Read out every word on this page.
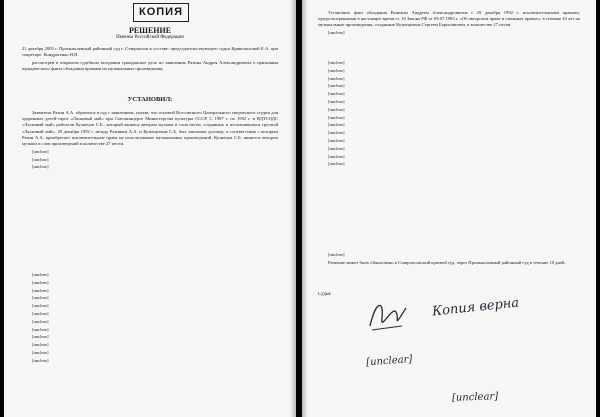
КОПИЯ
РЕШЕНИЕ
Именем Российской Федерации

21 декабря 2005 г. Промышленный районный суд г. Ставрополя в составе: председательствующего судьи Кривопаловой Е.А. при секретаре: Кондратенко Н.Н.

рассмотрев в открытом судебном заседании гражданское дело по заявлению Разина Андрея Александровича о признании юридического факта обладания правами на музыкальные произведения,

УСТАНОВИЛ:

Заявитель Разин А.А. обратился в суд с заявлением, указав, что основой Всесоюзного Центрального творческого студии для одаренных детей-сирот «Ласковый май» при Союзконцерте Министерства культуры СССР. С 1987 г. по 1992 г. в ВДТСОДС «Ласковый май» работали Кузнецов С.Б., который являлся автором музыки и слов песен, созданных и исполнявшихся группой «Ласковый май». 29 декабря 1992 г. между Разиным А.А. и Кузнецовым С.Б. был заключен договор, в соответствии с которым Разин А.А. приобретает исключительные права на использование музыкальных произведений. Кузнецов С.Б. является автором музыки и слов произведений в количестве 27 песен.

[unclear]

[unclear]

[unclear]

[unclear]

[unclear]

[unclear]

[unclear]

[unclear]

[unclear]

[unclear]

[unclear]

[unclear]

[unclear]

[unclear]

[unclear]

Установить факт обладания Разиным Андреем Александровичем с 29 декабря 1992 г. исключительными правами, предусмотренными в настоящее время ст. 16 Закона РФ от 09.07.1993 г. «Об авторском праве и смежных правах», в течение 10 лет на музыкальные произведения, созданные Кузнецовым Сергеем Борисовичем, в количестве 27 песен.

[unclear]

[unclear]

[unclear]

[unclear]

[unclear]

[unclear]

[unclear]

[unclear]

[unclear]

[unclear]

[unclear]

[unclear]

[unclear]

[unclear]

[unclear]

[unclear]

Решение может быть обжаловано в Ставропольский краевой суд, через Промышленный районный суд в течение 10 дней.

Судья

Копия верна
[unclear]
[unclear]
